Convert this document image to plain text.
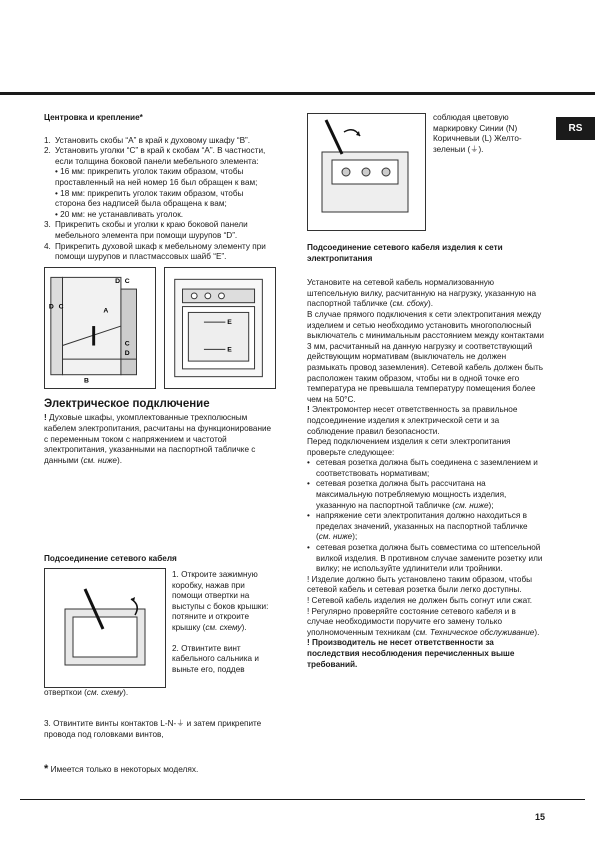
RS

Центровка и крепление*

1. Установить скобы “A” в край к духовому шкафу “B”.
2. Установить уголки “C” в край к скобам “A”. В частности, если толщина боковой панели мебельного элемента:
• 16 мм: прикрепить уголок таким образом, чтобы проставленный на ней номер 16 был обращен к вам;
• 18 мм: прикрепить уголок таким образом, чтобы сторона без надписей была обращена к вам;
• 20 мм: не устанавливать уголок.
3. Прикрепить скобы и уголки к краю боковой панели мебельного элемента при помощи шурупов “D”.
4. Прикрепить духовой шкаф к мебельному элементу при помощи шурупов и пластмассовых шайб “E”.
D C
D C
A
C
D
B
E
E

Электрическое подключение

! Духовые шкафы, укомплектованные трехполюсным кабелем электропитания, расчитаны на функционирование с переменным током с напряжением и частотой электропитания, указанными на паспортной табличке с данными (см. ниже).

Подсоединение сетевого кабеля

1. Откроите зажимную коробку, нажав при помощи отвертки на выступы с боков крышки: потяните и откроите крышку (см. схему).

2. Отвинтите винт кабельного сальника и выньте его, поддев

отверткои (см. схему).
3. Отвинтите винты контактов L-N-⏚ и затем прикрепите провода под головками винтов,
соблюдая цветовую маркировку Синии (N) Коричневыи (L) Желто-зеленыи (⏚).

Подсоединение сетевого кабеля изделия к сети электропитания

Установите на сетевой кабель нормализованную штепсельную вилку, расчитанную на нагрузку, указанную на паспортной табличке (см. сбоку).

В случае прямого подключения к сети электропитания между изделием и сетью необходимо установить многополюсный выключатель с минимальным расстоянием между контактами 3 мм, расчитанный на данную нагрузку и соответствующий действующим нормативам (выключатель не должен размыкать провод заземления). Сетевой кабель должен быть расположен таким образом, чтобы ни в одной точке его температура не превышала температуру помещения более чем на 50°С.

! Электромонтер несет ответственность за правильное подсоединение изделия к электрической сети и за соблюдение правил безопасности.

Перед подключением изделия к сети электропитания проверьте следующее:

• сетевая розетка должна быть соединена с заземлением и соответствовать нормативам;
• сетевая розетка должна быть рассчитана на максимальную потребляемую мощность изделия, указанную на паспортной табличке (см. ниже);
• напряжение сети электропитания должно находиться в пределах значений, указанных на паспортной табличке (см. ниже);
• сетевая розетка должна быть совместима со штепсельной вилкой изделия. В противном случае замените розетку или вилку; не используйте удлинители или тройники.

! Изделие должно быть установлено таким образом, чтобы сетевой кабель и сетевая розетка были легко доступны.

! Сетевой кабель изделия не должен быть согнут или сжат.

! Регулярно проверяйте состояние сетевого кабеля и в случае необходимости поручите его замену только уполномоченным техникам (см. Техническое обслуживание).

! Производитель не несет ответственности за последствия несоблюдения перечисленных выше требований.

* Имеется только в некоторых моделях.
15
